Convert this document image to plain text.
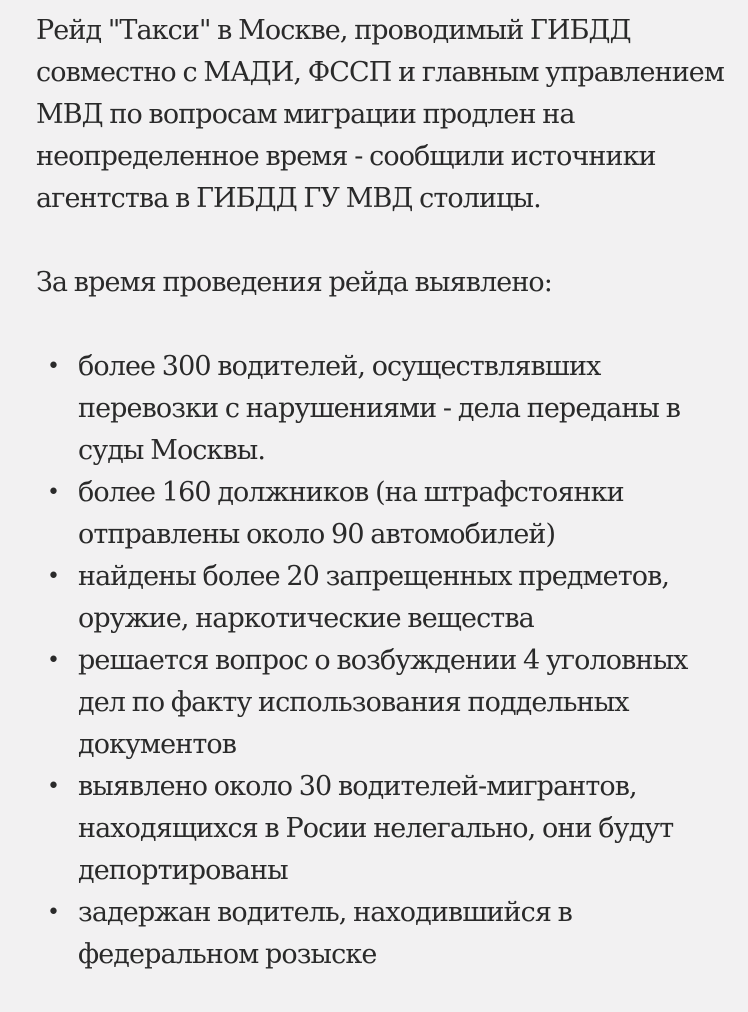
Рейд "Такси" в Москве, проводимый ГИБДД совместно с МАДИ, ФССП и главным управлением МВД по вопросам миграции продлен на неопределенное время - сообщили источники агентства в ГИБДД ГУ МВД столицы.

За время проведения рейда выявлено:

• более 300 водителей, осуществлявших перевозки с нарушениями - дела переданы в суды Москвы.
• более 160 должников (на штрафстоянки отправлены около 90 автомобилей)
• найдены более 20 запрещенных предметов, оружие, наркотические вещества
• решается вопрос о возбуждении 4 уголовных дел по факту использования поддельных документов
• выявлено около 30 водителей-мигрантов, находящихся в Росии нелегально, они будут депортированы
• задержан водитель, находившийся в федеральном розыске
